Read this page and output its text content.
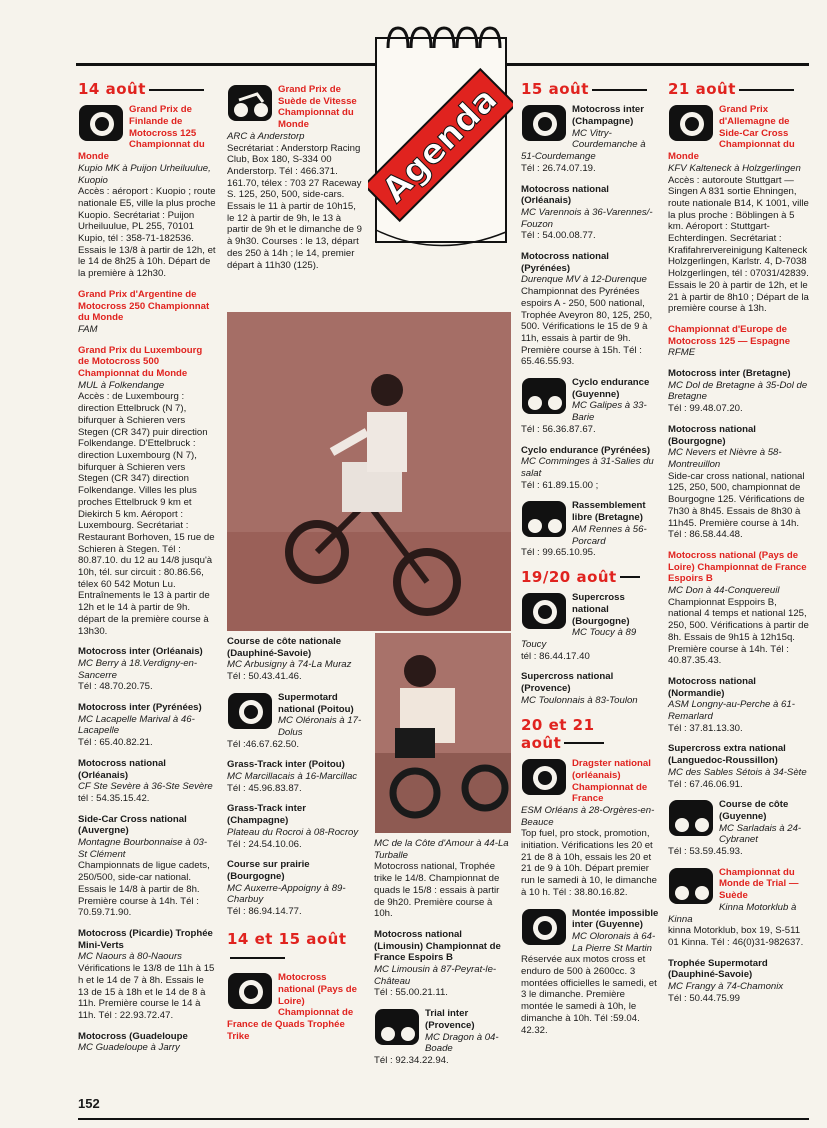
Agenda
14 août
Grand Prix de Finlande de Motocross 125
Championnat du Monde
Kupio MK à Puijon Urheiluulue, Kuopio
Accès : aéroport : Kuopio ; route nationale E5, ville la plus proche Kuopio. Secrétariat : Puijon Urheiluulue, PL 255, 70101 Kupio, tél : 358-71-182536. Essais le 13/8 à partir de 12h, et le 14 de 8h25 à 10h. Départ de la première à 12h30.
Grand Prix d'Argentine de Motocross 250 Championnat du Monde
FAM
Grand Prix du Luxembourg de Motocross 500 Championnat du Monde
MUL à Folkendange
Accès : de Luxembourg : direction Ettelbruck (N 7), bifurquer à Schieren vers Stegen (CR 347) puir direction Folkendange. D'Ettelbruck : direction Luxembourg (N 7), bifurquer à Schieren vers Stegen (CR 347) direction Folkendange. Villes les plus proches Ettelbruck 9 km et Diekirch 5 km. Aéroport : Luxembourg. Secrétariat : Restaurant Borhoven, 15 rue de Schieren à Stegen. Tél : 80.87.10. du 12 au 14/8 jusqu'à 10h, tél. sur circuit : 80.86.56, télex 60 542 Motun Lu. Entraînements le 13 à partir de 12h et le 14 à partir de 9h. départ de la première course à 13h30.
Motocross inter (Orléanais)
MC Berry à 18.Verdigny-en-Sancerre
Tél : 48.70.20.75.
Motocross inter (Pyrénées)
MC Lacapelle Marival à 46-Lacapelle
Tél : 65.40.82.21.
Motocross national (Orléanais)
CF Ste Sevère à 36-Ste Sevère
tél : 54.35.15.42.
Side-Car Cross national (Auvergne)
Montagne Bourbonnaise à 03-St Clément
Championnats de ligue cadets, 250/500, side-car national. Essais le 14/8 à partir de 8h. Première course à 14h. Tél : 70.59.71.90.
Motocross (Picardie) Trophée Mini-Verts
MC Naours à 80-Naours
Vérifications le 13/8 de 11h à 15 h et le 14 de 7 à 8h. Essais le 13 de 15 à 18h et le 14 de 8 à 11h. Première course le 14 à 11h. Tél : 22.93.72.47.
Motocross (Guadeloupe
MC Guadeloupe à Jarry
Grand Prix de Suède de Vitesse Championnat du Monde
ARC à Anderstorp
Secrétariat : Anderstorp Racing Club, Box 180, S-334 00 Anderstorp. Tél : 466.371. 161.70, télex : 703 27 Raceway S. 125, 250, 500, side-cars. Essais le 11 à partir de 10h15, le 12 à partir de 9h, le 13 à partir de 9h et le dimanche de 9 à 9h30. Courses : le 13, départ des 250 à 14h ; le 14, premier départ à 11h30 (125).
Course de côte nationale (Dauphiné-Savoie)
MC Arbusigny à 74-La Muraz
Tél : 50.43.41.46.
Supermotard national (Poitou)
MC Oléronais à 17-Dolus
Tél :46.67.62.50.
Grass-Track inter (Poitou)
MC Marcillacais à 16-Marcillac
Tél : 45.96.83.87.
Grass-Track inter (Champagne)
Plateau du Rocroi à 08-Rocroy
Tél : 24.54.10.06.
Course sur prairie (Bourgogne)
MC Auxerre-Appoigny à 89-Charbuy
Tél : 86.94.14.77.
14 et 15 août
Motocross national (Pays de Loire) Championnat de France de Quads Trophée Trike
MC de la Côte d'Amour à 44-La Turballe
Motocross national, Trophée trike le 14/8. Championnat de quads le 15/8 : essais à partir de 9h20. Première course à 10h.
Motocross national (Limousin) Championnat de France Espoirs B
MC Limousin à 87-Peyrat-le-Château
Tél : 55.00.21.11.
Trial inter (Provence)
MC Dragon à 04-Boade
Tél : 92.34.22.94.
15 août
Motocross inter (Champagne)
MC Vitry-Courdemanche à 51-Courdemange
Tél : 26.74.07.19.
Motocross national (Orléanais)
MC Varennois à 36-Varennes/-Fouzon
Tél : 54.00.08.77.
Motocross national (Pyrénées)
Durenque MV à 12-Durenque
Championnat des Pyrénées espoirs A - 250, 500 national, Trophée Aveyron 80, 125, 250, 500. Vérifications le 15 de 9 à 11h, essais à partir de 9h. Première course à 15h. Tél : 65.46.55.93.
Cyclo endurance (Guyenne)
MC Galipes à 33-Barie
Tél : 56.36.87.67.
Cyclo endurance (Pyrénées)
MC Comminges à 31-Salies du salat
Tél : 61.89.15.00 ;
Rassemblement libre (Bretagne)
AM Rennes à 56-Porcard
Tél : 99.65.10.95.
19/20 août
Supercross national (Bourgogne)
MC Toucy à 89 Toucy
tél : 86.44.17.40
Supercross national (Provence)
MC Toulonnais à 83-Toulon
20 et 21 août
Dragster national (orléanais) Championnat de France
ESM Orléans à 28-Orgères-en-Beauce
Top fuel, pro stock, promotion, initiation. Vérifications les 20 et 21 de 8 à 10h, essais les 20 et 21 de 9 à 10h. Départ premier run le samedi à 10, le dimanche à 10 h. Tél : 38.80.16.82.
Montée impossible inter (Guyenne)
MC Oloronais à 64-La Pierre St Martin
Réservée aux motos cross et enduro de 500 à 2600cc. 3 montées officielles le samedi, et 3 le dimanche. Première montée le samedi à 10h, le dimanche à 10h. Tél :59.04. 42.32.
21 août
Grand Prix d'Allemagne de Side-Car Cross Championnat du Monde
KFV Kalteneck à Holzgerlingen
Accès : autoroute Stuttgart — Singen A 831 sortie Ehningen, route nationale B14, K 1001, ville la plus proche : Böblingen à 5 km. Aéroport : Stuttgart-Echterdingen. Secrétariat : Krafifahrervereinigung Kalteneck Holzgerlingen, Karlstr. 4, D-7038 Holzgerlingen, tél : 07031/42839. Essais le 20 à partir de 12h, et le 21 à partir de 8h10 ; Départ de la première course à 13h.
Championnat d'Europe de Motocross 125 — Espagne
RFME
Motocross inter (Bretagne)
MC Dol de Bretagne à 35-Dol de Bretagne
Tél : 99.48.07.20.
Motocross national (Bourgogne)
MC Nevers et Nièvre à 58-Montreuillon
Side-car cross national, national 125, 250, 500, championnat de Bourgogne 125. Vérifications de 7h30 à 8h45. Essais de 8h30 à 11h45. Première course à 14h. Tél : 86.58.44.48.
Motocross national (Pays de Loire) Championnat de France Espoirs B
MC Don à 44-Conquereuil
Championnat Esppoirs B, national 4 temps et national 125, 250, 500. Vérifications à partir de 8h. Essais de 9h15 à 12h15q. Première course à 14h. Tél : 40.87.35.43.
Motocross national (Normandie)
ASM Longny-au-Perche à 61-Remarlard
Tél : 37.81.13.30.
Supercross extra national (Languedoc-Roussillon)
MC des Sables Sétois à 34-Sète
Tél : 67.46.06.91.
Course de côte (Guyenne)
MC Sarladais à 24-Cybranet
Tél : 53.59.45.93.
Championnat du Monde de Trial — Suède
Kinna Motorklub à Kinna
kinna Motorklub, box 19, S-511 01 Kinna. Tél : 46(0)31-982637.
Trophée Supermotard (Dauphiné-Savoie)
MC Frangy à 74-Chamonix
Tél : 50.44.75.99
152
